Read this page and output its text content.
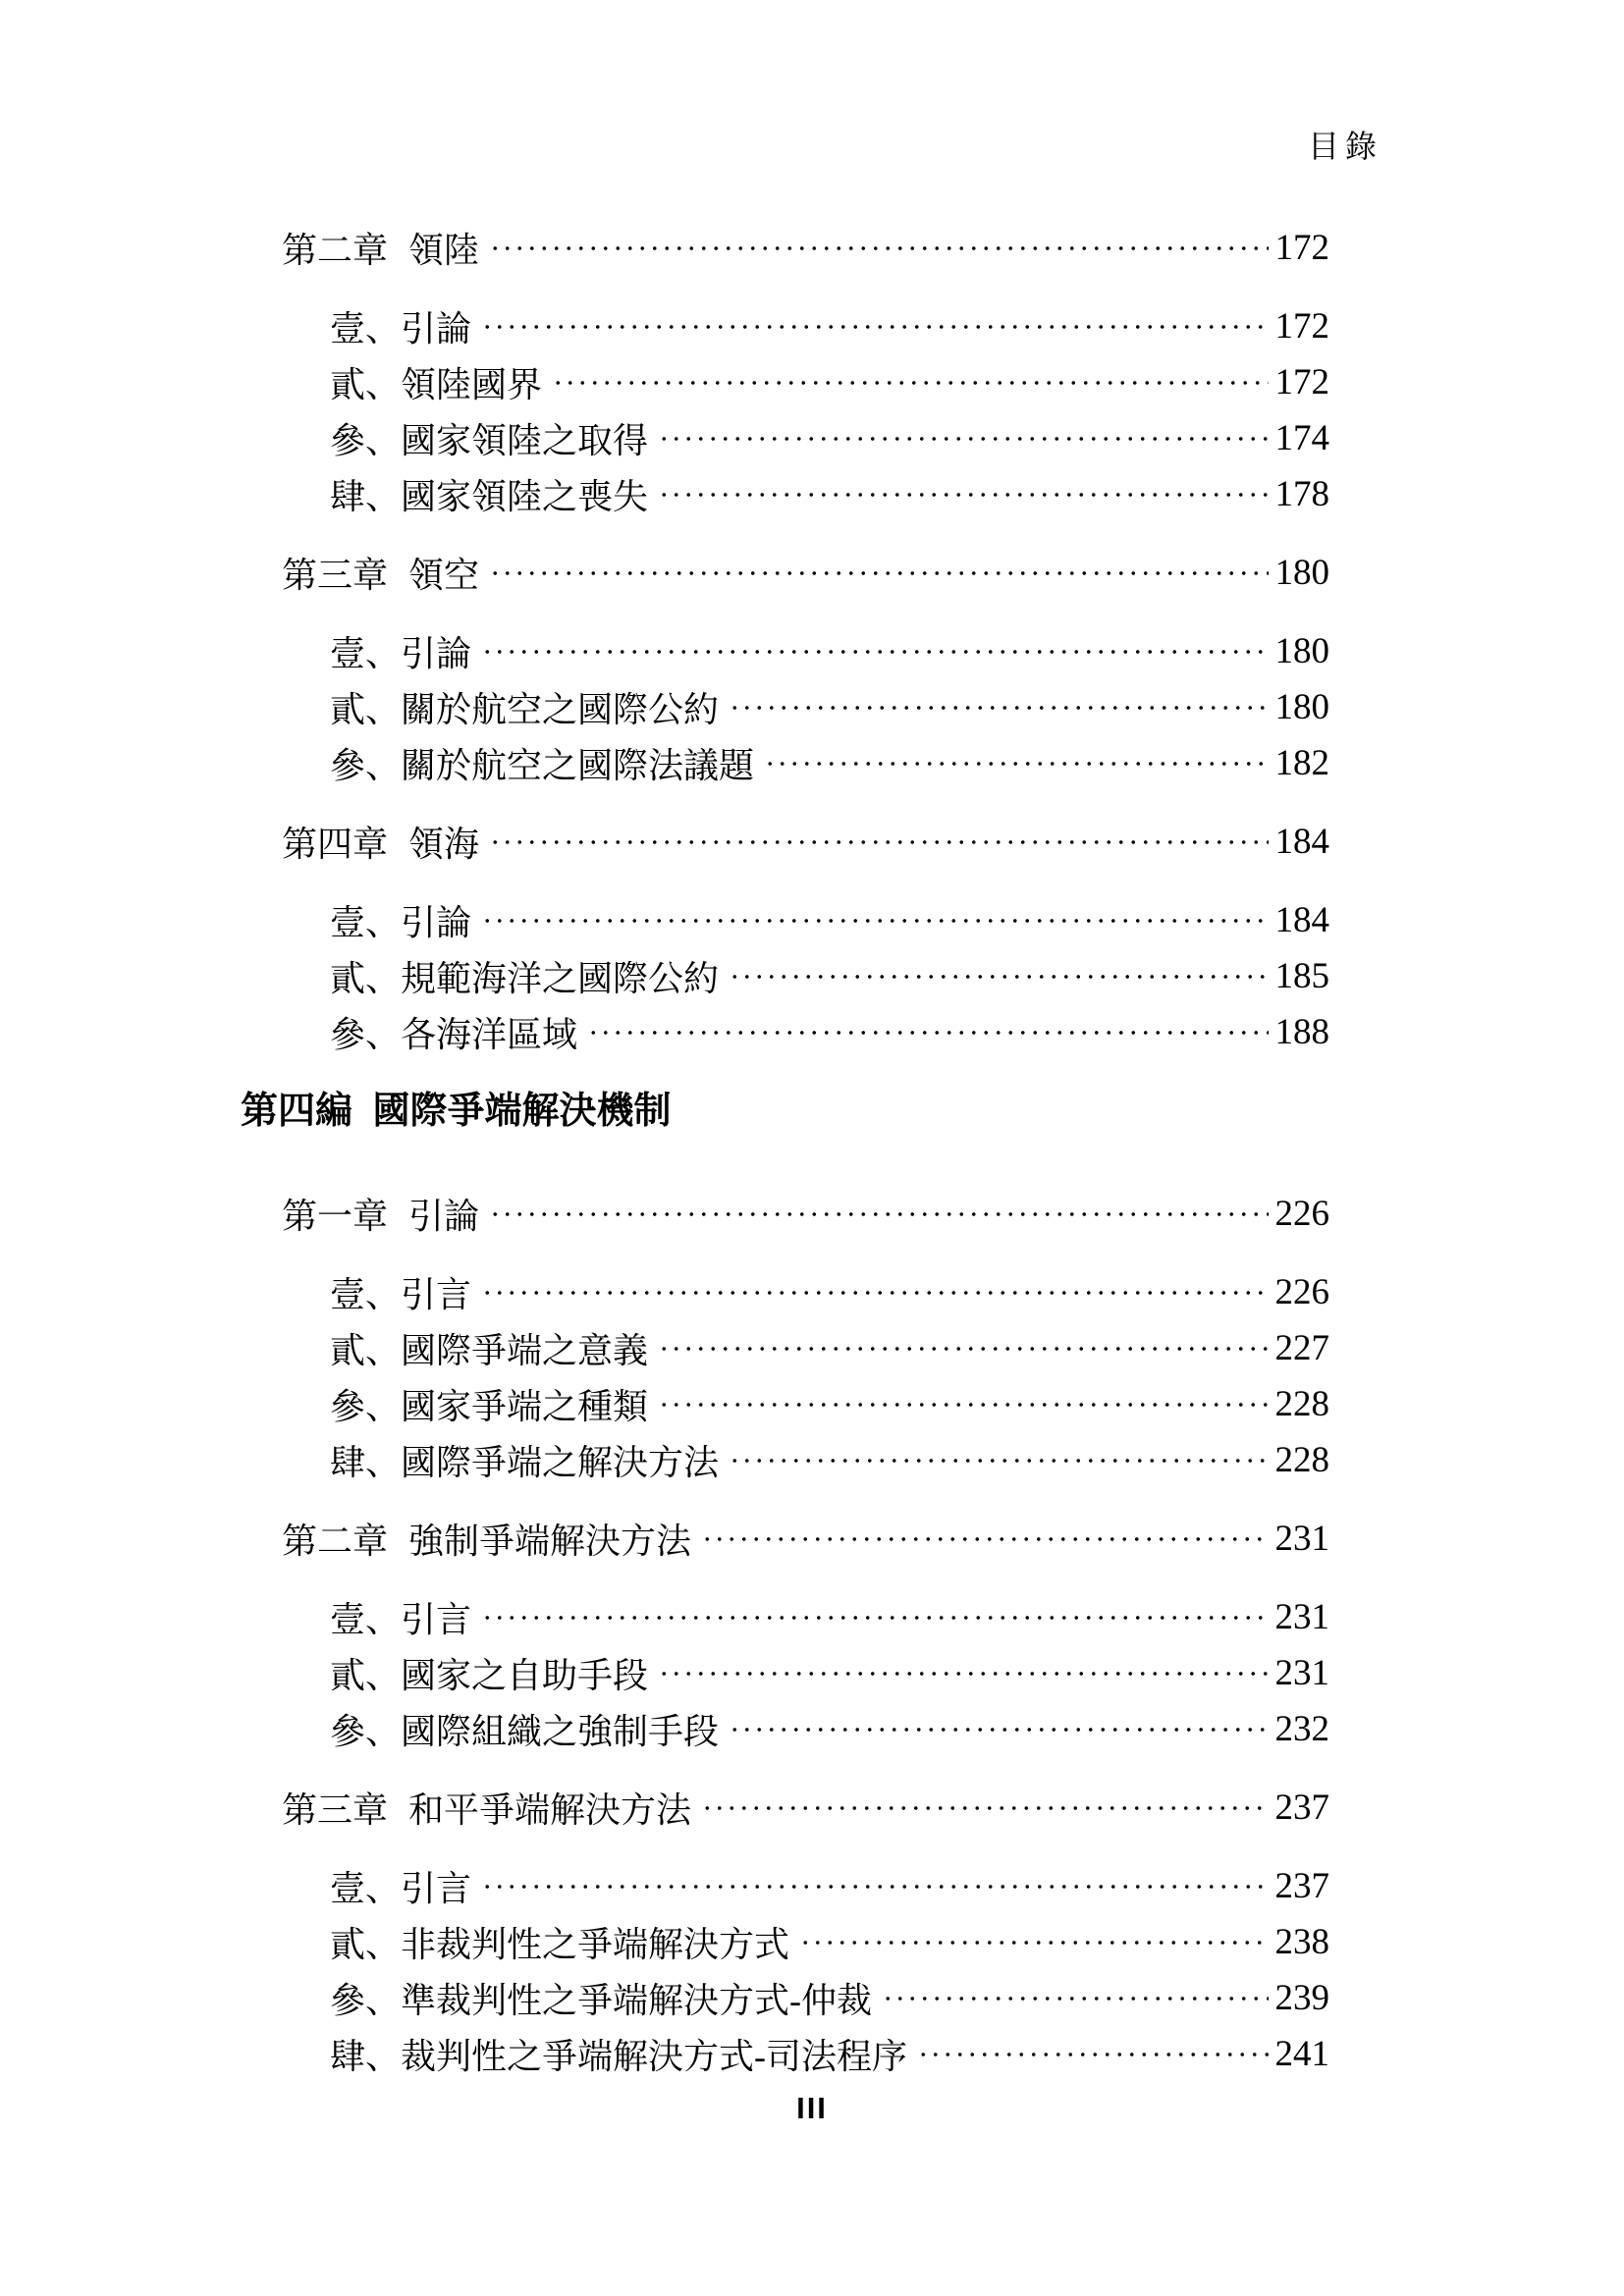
目錄
第二章 領陸	172
壹、引論	172
貳、領陸國界	172
參、國家領陸之取得	174
肆、國家領陸之喪失	178
第三章 領空	180
壹、引論	180
貳、關於航空之國際公約	180
參、關於航空之國際法議題	182
第四章 領海	184
壹、引論	184
貳、規範海洋之國際公約	185
參、各海洋區域	188
第四編 國際爭端解決機制
第一章 引論	226
壹、引言	226
貳、國際爭端之意義	227
參、國家爭端之種類	228
肆、國際爭端之解決方法	228
第二章 強制爭端解決方法	231
壹、引言	231
貳、國家之自助手段	231
參、國際組織之強制手段	232
第三章 和平爭端解決方法	237
壹、引言	237
貳、非裁判性之爭端解決方式	238
參、準裁判性之爭端解決方式-仲裁	239
肆、裁判性之爭端解決方式-司法程序	241
III
